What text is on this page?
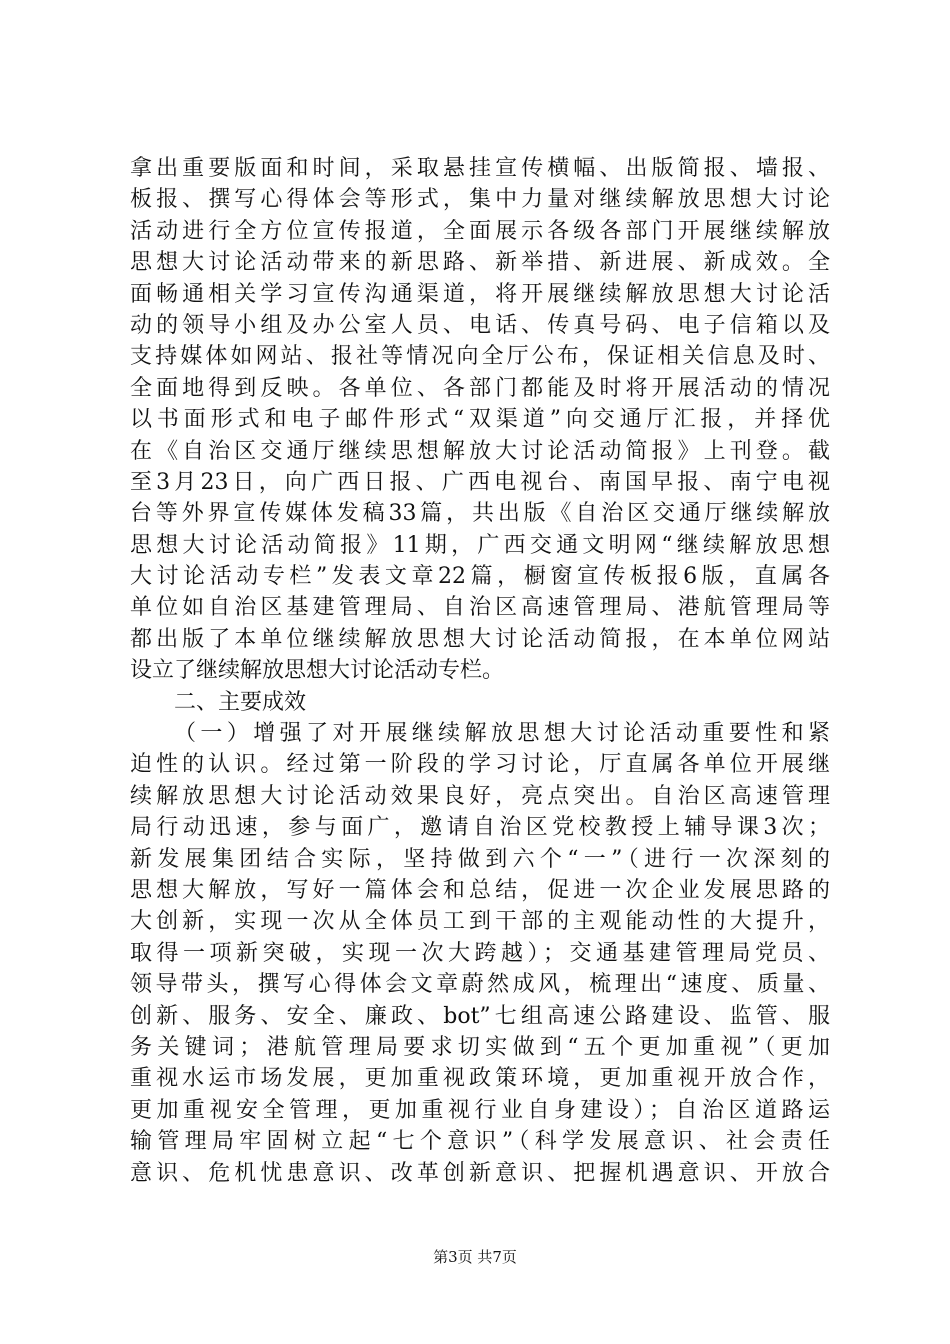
拿出重要版面和时间，采取悬挂宣传横幅、出版简报、墙报、
板报、撰写心得体会等形式，集中力量对继续解放思想大讨论
活动进行全方位宣传报道，全面展示各级各部门开展继续解放
思想大讨论活动带来的新思路、新举措、新进展、新成效。全
面畅通相关学习宣传沟通渠道，将开展继续解放思想大讨论活
动的领导小组及办公室人员、电话、传真号码、电子信箱以及
支持媒体如网站、报社等情况向全厅公布，保证相关信息及时、
全面地得到反映。各单位、各部门都能及时将开展活动的情况
以书面形式和电子邮件形式“双渠道”向交通厅汇报，并择优
在《自治区交通厅继续思想解放大讨论活动简报》上刊登。截
至3月23日，向广西日报、广西电视台、南国早报、南宁电视
台等外界宣传媒体发稿33篇，共出版《自治区交通厅继续解放
思想大讨论活动简报》11期，广西交通文明网“继续解放思想
大讨论活动专栏”发表文章22篇，橱窗宣传板报6版，直属各
单位如自治区基建管理局、自治区高速管理局、港航管理局等
都出版了本单位继续解放思想大讨论活动简报，在本单位网站
设立了继续解放思想大讨论活动专栏。
二、主要成效
（一）增强了对开展继续解放思想大讨论活动重要性和紧
迫性的认识。经过第一阶段的学习讨论，厅直属各单位开展继
续解放思想大讨论活动效果良好，亮点突出。自治区高速管理
局行动迅速，参与面广，邀请自治区党校教授上辅导课3次；
新发展集团结合实际，坚持做到六个“一”（进行一次深刻的
思想大解放，写好一篇体会和总结，促进一次企业发展思路的
大创新，实现一次从全体员工到干部的主观能动性的大提升，
取得一项新突破，实现一次大跨越）；交通基建管理局党员、
领导带头，撰写心得体会文章蔚然成风，梳理出“速度、质量、
创新、服务、安全、廉政、bot”七组高速公路建设、监管、服
务关键词；港航管理局要求切实做到“五个更加重视”（更加
重视水运市场发展，更加重视政策环境，更加重视开放合作，
更加重视安全管理，更加重视行业自身建设）；自治区道路运
输管理局牢固树立起“七个意识”（科学发展意识、社会责任
意识、危机忧患意识、改革创新意识、把握机遇意识、开放合
第3页 共7页
